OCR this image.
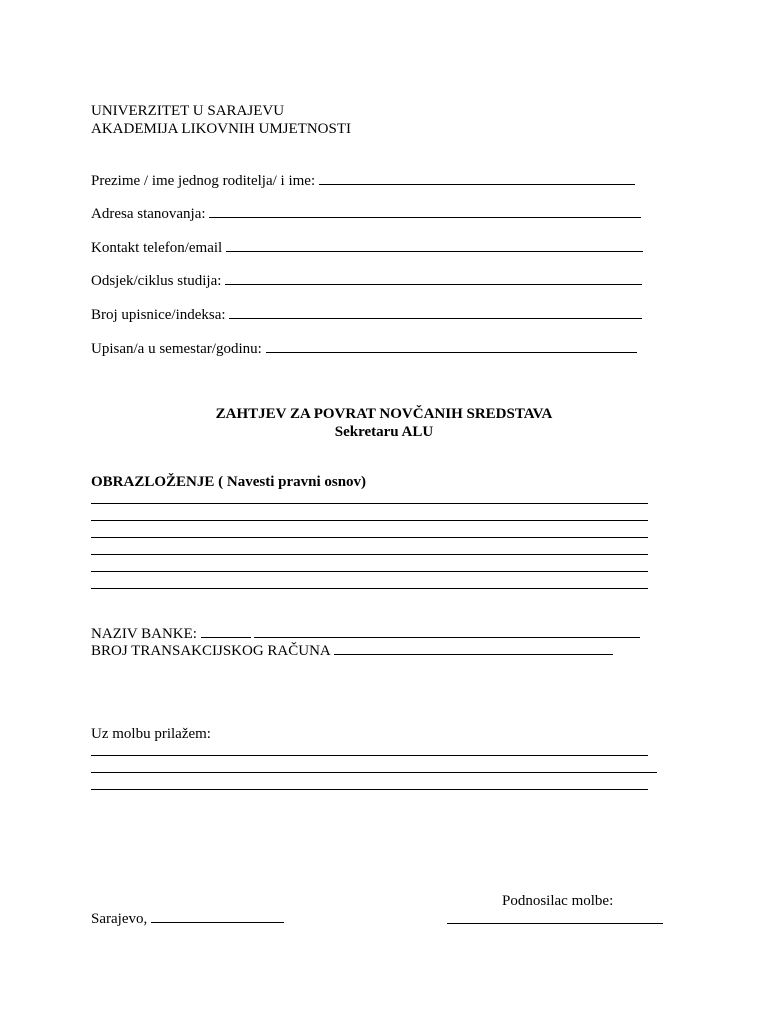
UNIVERZITET U SARAJEVU
AKADEMIJA LIKOVNIH UMJETNOSTI
Prezime / ime jednog roditelja/ i ime:
Adresa stanovanja:
Kontakt telefon/email
Odsjek/ciklus studija:
Broj upisnice/indeksa:
Upisan/a u semestar/godinu:
ZAHTJEV ZA POVRAT NOVČANIH SREDSTAVA
Sekretaru ALU
OBRAZLOŽENJE ( Navesti pravni osnov)
NAZIV BANKE:
BROJ TRANSAKCIJSKOG RAČUNA
Uz molbu prilažem:
Podnosilac molbe:
Sarajevo,
